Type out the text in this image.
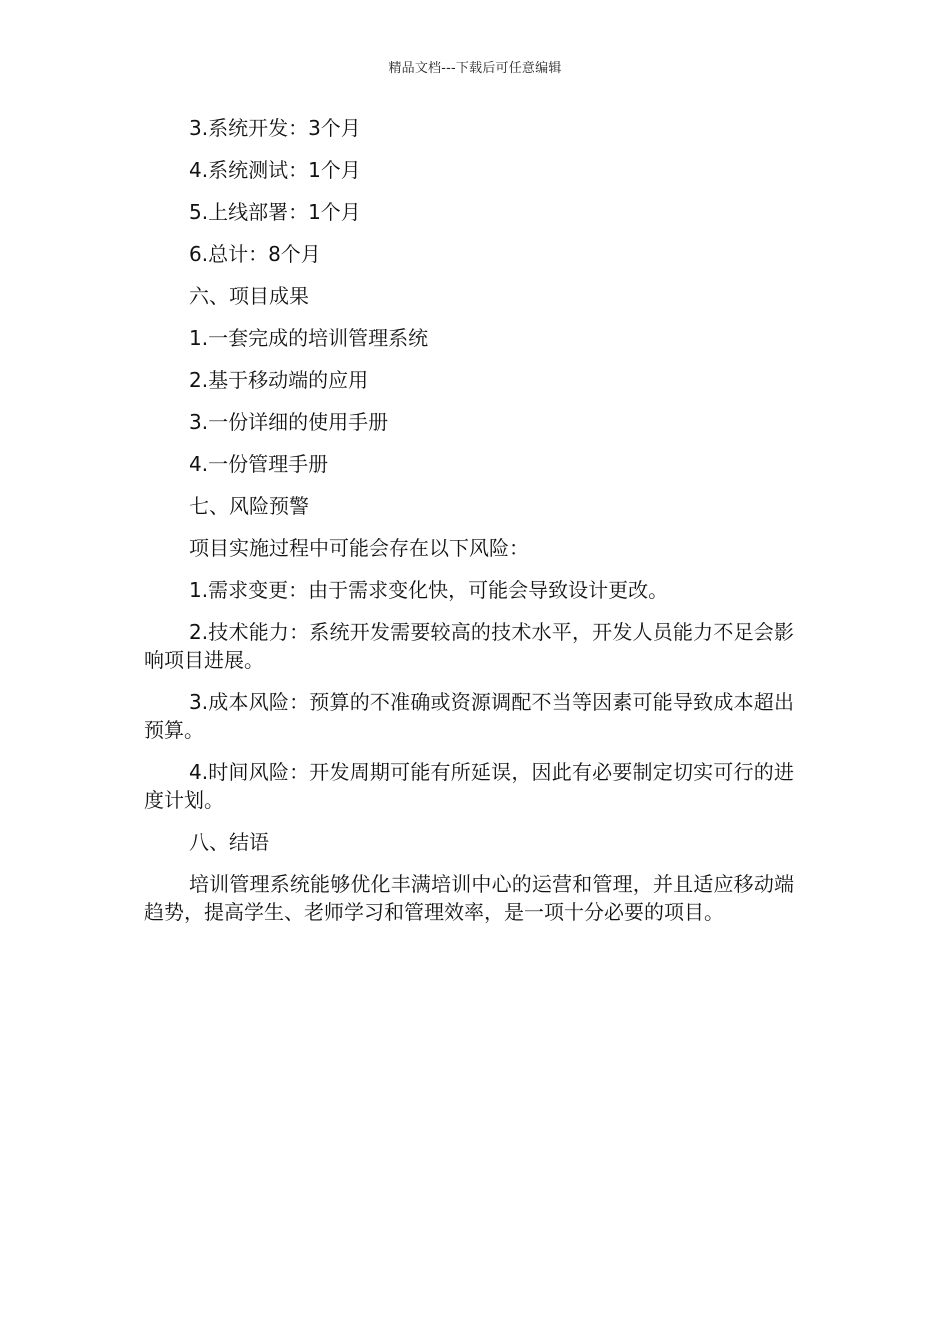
精品文档---下载后可任意编辑

3.系统开发：3个月

4.系统测试：1个月

5.上线部署：1个月

6.总计：8个月

六、项目成果

1.一套完成的培训管理系统

2.基于移动端的应用

3.一份详细的使用手册

4.一份管理手册

七、风险预警

项目实施过程中可能会存在以下风险：

1.需求变更：由于需求变化快，可能会导致设计更改。

2.技术能力：系统开发需要较高的技术水平，开发人员能力不足会影响项目进展。

3.成本风险：预算的不准确或资源调配不当等因素可能导致成本超出预算。

4.时间风险：开发周期可能有所延误，因此有必要制定切实可行的进度计划。

八、结语

培训管理系统能够优化丰满培训中心的运营和管理，并且适应移动端趋势，提高学生、老师学习和管理效率，是一项十分必要的项目。
